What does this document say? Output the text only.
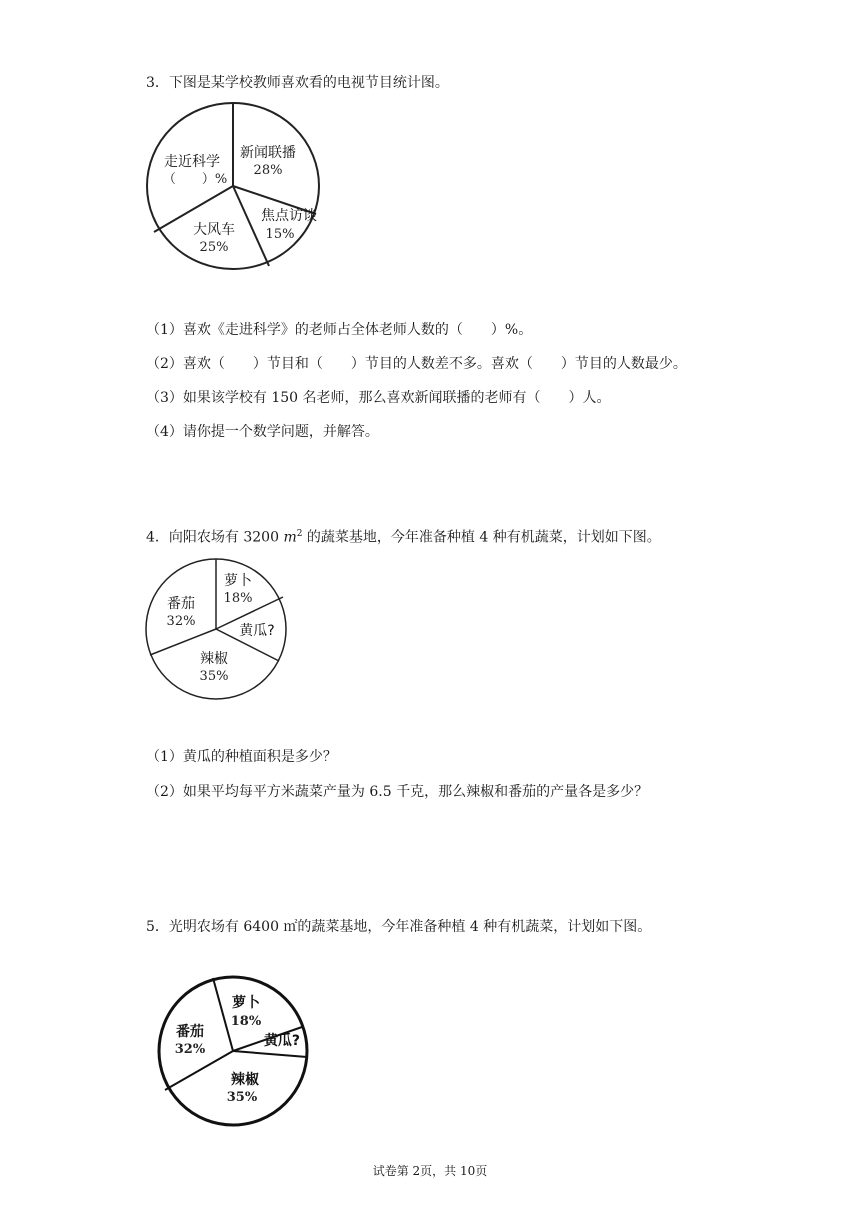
3．下图是某学校教师喜欢看的电视节目统计图。
新闻联播
28%
焦点访谈
15%
大风车
25%
走近科学
（　　）%
（1）喜欢《走进科学》的老师占全体老师人数的（　　）%。
（2）喜欢（　　）节目和（　　）节目的人数差不多。喜欢（　　）节目的人数最少。
（3）如果该学校有 150 名老师，那么喜欢新闻联播的老师有（　　）人。
（4）请你提一个数学问题，并解答。
4．向阳农场有 3200 $m^2$ 的蔬菜基地，今年准备种植 4 种有机蔬菜，计划如下图。
萝卜
18%
黄瓜?
辣椒
35%
番茄
32%
（1）黄瓜的种植面积是多少？
（2）如果平均每平方米蔬菜产量为 6.5 千克，那么辣椒和番茄的产量各是多少？
5．光明农场有 6400 ㎡的蔬菜基地，今年准备种植 4 种有机蔬菜，计划如下图。
萝卜
18%
黄瓜?
辣椒
35%
番茄
32%
试卷第 2页，共 10页
